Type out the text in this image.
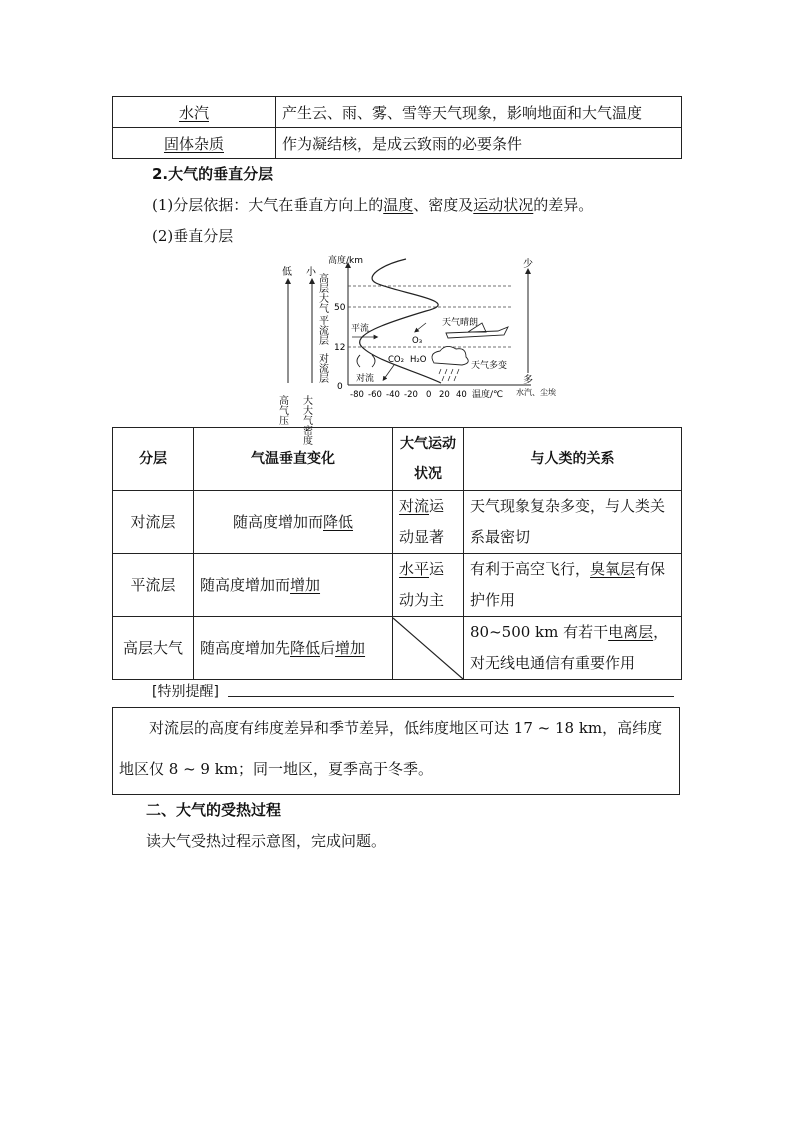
水汽	产生云、雨、雾、雪等天气现象，影响地面和大气温度
固体杂质	作为凝结核，是成云致雨的必要条件
2.大气的垂直分层
(1)分层依据：大气在垂直方向上的温度、密度及运动状况的差异。
(2)垂直分层
低
高气压
小
大大气密度
高度/km
0
12
50
高层大气
平流层
对流层
-80 -60 -40 -20 0 20 40 温度/℃
平流
对流
O₃
CO₂ H₂O
天气晴朗
天气多变
少
多
水汽、尘埃
分层	气温垂直变化	大气运动状况	与人类的关系
对流层	随高度增加而降低	对流运动显著	天气现象复杂多变，与人类关系最密切
平流层	随高度增加而增加	水平运动为主	有利于高空飞行，臭氧层有保护作用
高层大气	随高度增加先降低后增加		80~500 km 有若干电离层，对无线电通信有重要作用
[特别提醒]
对流层的高度有纬度差异和季节差异，低纬度地区可达 17 ~ 18 km，高纬度地区仅 8 ~ 9 km；同一地区，夏季高于冬季。
二、大气的受热过程
读大气受热过程示意图，完成问题。
